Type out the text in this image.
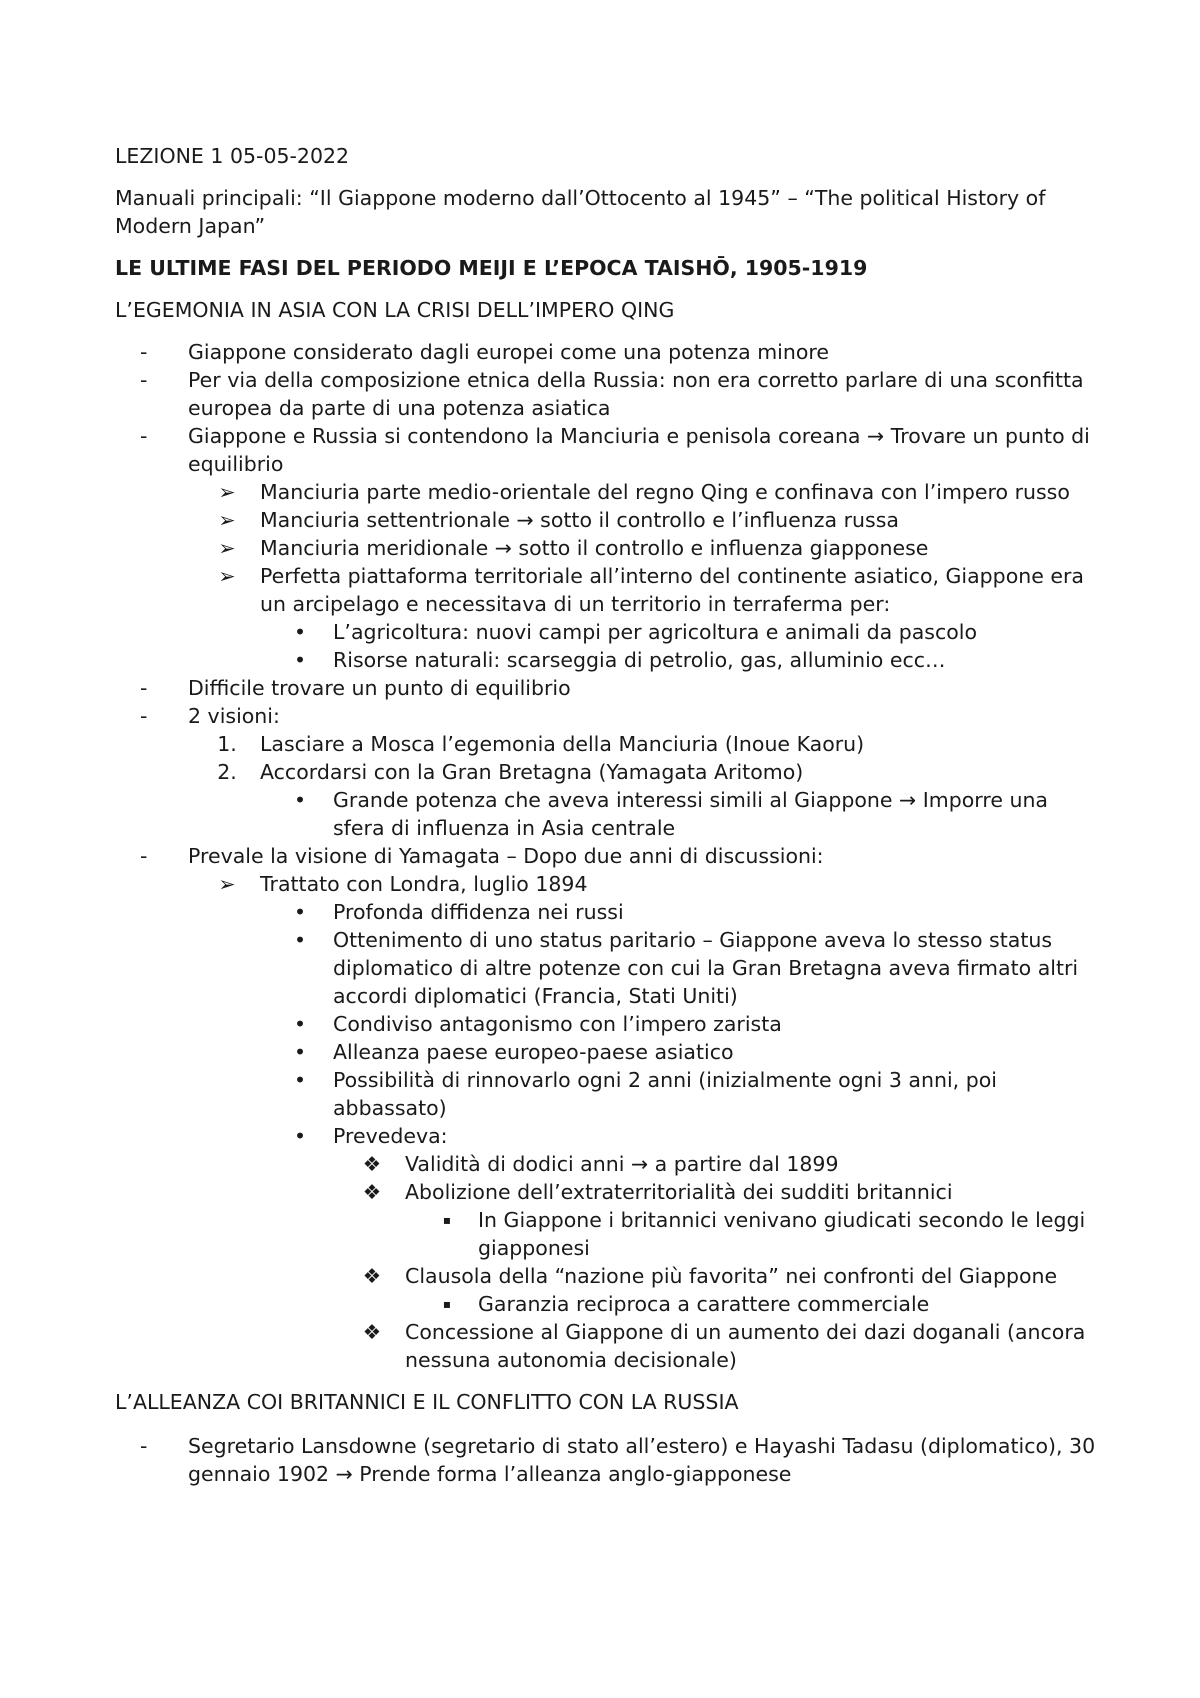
LEZIONE 1 05-05-2022

Manuali principali: “Il Giappone moderno dall’Ottocento al 1945” – “The political History of Modern Japan”

LE ULTIME FASI DEL PERIODO MEIJI E L’EPOCA TAISHŌ, 1905-1919

L’EGEMONIA IN ASIA CON LA CRISI DELL’IMPERO QING

-	Giappone considerato dagli europei come una potenza minore
-	Per via della composizione etnica della Russia: non era corretto parlare di una sconfitta europea da parte di una potenza asiatica
-	Giappone e Russia si contendono la Manciuria e penisola coreana → Trovare un punto di equilibrio
➢	Manciuria parte medio-orientale del regno Qing e confinava con l’impero russo
➢	Manciuria settentrionale → sotto il controllo e l’influenza russa
➢	Manciuria meridionale → sotto il controllo e influenza giapponese
➢	Perfetta piattaforma territoriale all’interno del continente asiatico, Giappone era un arcipelago e necessitava di un territorio in terraferma per:
•	L’agricoltura: nuovi campi per agricoltura e animali da pascolo
•	Risorse naturali: scarseggia di petrolio, gas, alluminio ecc…
-	Difficile trovare un punto di equilibrio
-	2 visioni:
1. Lasciare a Mosca l’egemonia della Manciuria (Inoue Kaoru)
2. Accordarsi con la Gran Bretagna (Yamagata Aritomo)
•	Grande potenza che aveva interessi simili al Giappone → Imporre una sfera di influenza in Asia centrale
-	Prevale la visione di Yamagata – Dopo due anni di discussioni:
➢	Trattato con Londra, luglio 1894
•	Profonda diffidenza nei russi
•	Ottenimento di uno status paritario – Giappone aveva lo stesso status diplomatico di altre potenze con cui la Gran Bretagna aveva firmato altri accordi diplomatici (Francia, Stati Uniti)
•	Condiviso antagonismo con l’impero zarista
•	Alleanza paese europeo-paese asiatico
•	Possibilità di rinnovarlo ogni 2 anni (inizialmente ogni 3 anni, poi abbassato)
•	Prevedeva:
❖ Validità di dodici anni → a partire dal 1899
❖ Abolizione dell’extraterritorialità dei sudditi britannici
▪	In Giappone i britannici venivano giudicati secondo le leggi giapponesi
❖ Clausola della “nazione più favorita” nei confronti del Giappone
▪	Garanzia reciproca a carattere commerciale
❖ Concessione al Giappone di un aumento dei dazi doganali (ancora nessuna autonomia decisionale)

L’ALLEANZA COI BRITANNICI E IL CONFLITTO CON LA RUSSIA

-	Segretario Lansdowne (segretario di stato all’estero) e Hayashi Tadasu (diplomatico), 30 gennaio 1902 → Prende forma l’alleanza anglo-giapponese
